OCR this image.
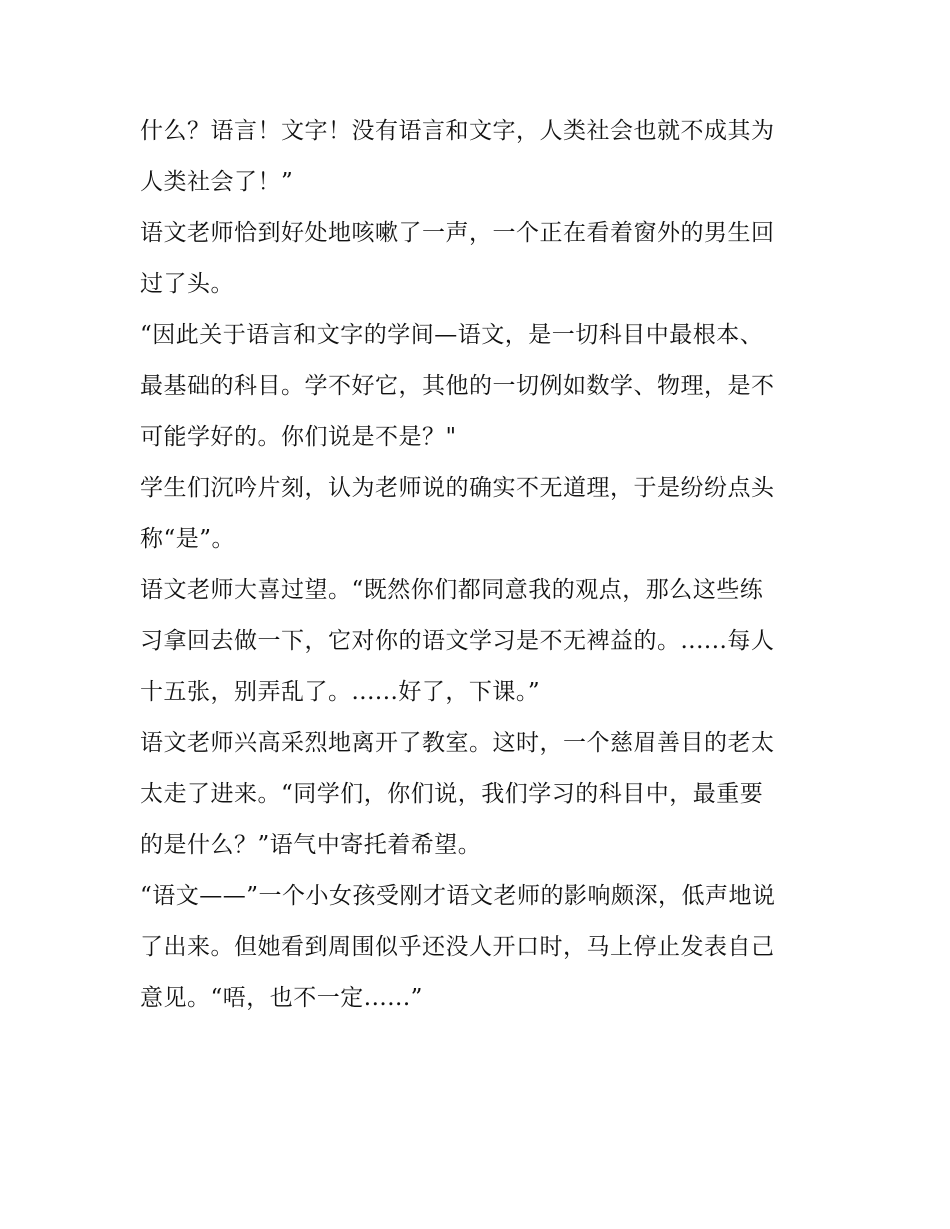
什么？语言！文字！没有语言和文字，人类社会也就不成其为
人类社会了！”

语文老师恰到好处地咳嗽了一声，一个正在看着窗外的男生回
过了头。

“因此关于语言和文字的学间—语文，是一切科目中最根本、
最基础的科目。学不好它，其他的一切例如数学、物理，是不
可能学好的。你们说是不是？"

学生们沉吟片刻，认为老师说的确实不无道理，于是纷纷点头
称“是”。

语文老师大喜过望。“既然你们都同意我的观点，那么这些练
习拿回去做一下，它对你的语文学习是不无裨益的。......每人
十五张，别弄乱了。......好了，下课。”

语文老师兴高采烈地离开了教室。这时，一个慈眉善目的老太
太走了进来。“同学们，你们说，我们学习的科目中，最重要
的是什么？”语气中寄托着希望。

“语文——”一个小女孩受刚才语文老师的影响颇深，低声地说
了出来。但她看到周围似乎还没人开口时，马上停止发表自己
意见。“唔，也不一定......”
